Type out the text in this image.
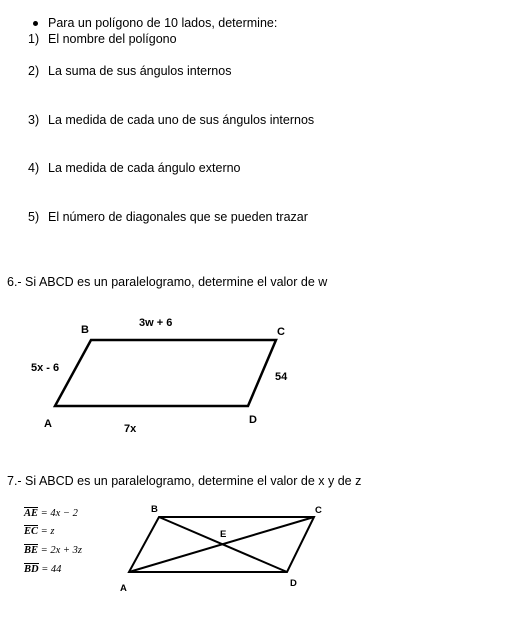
Para un polígono de 10 lados, determine:
1) El nombre del polígono
2) La suma de sus ángulos internos
3) La medida de cada uno de sus ángulos internos
4) La medida de cada ángulo externo
5) El número de diagonales que se pueden trazar
6.- Si ABCD es un paralelogramo, determine el valor de w
7.- Si ABCD es un paralelogramo, determine el valor de x y de z
B	C
A	D
3w + 6
5x - 6
54
7x
B	C
E
A	D
AE = 4x − 2
EC = z
BE = 2x + 3z
BD = 44
